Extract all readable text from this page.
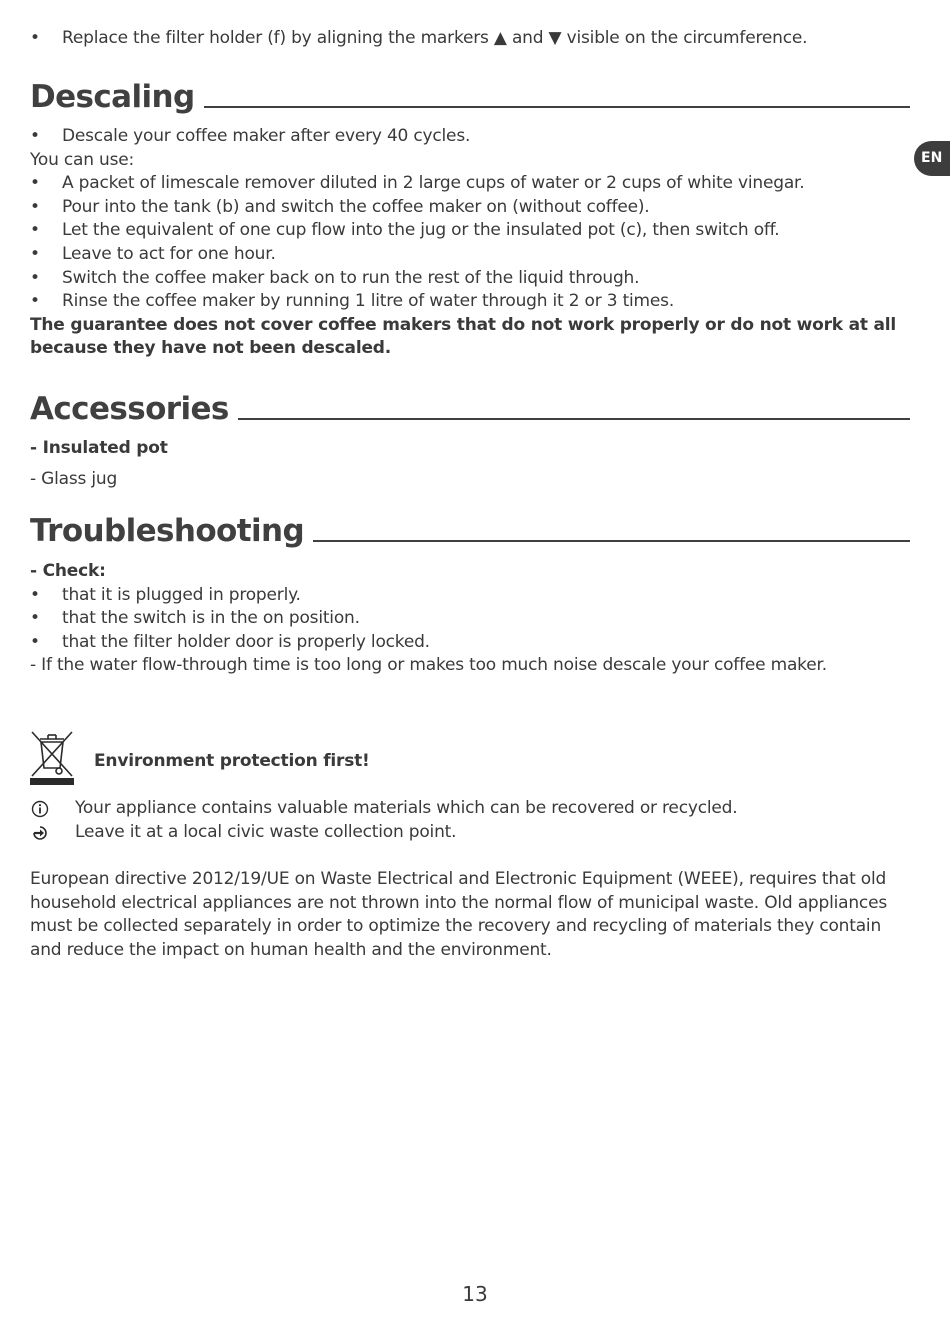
EN
• Replace the filter holder (f) by aligning the markers ▲ and ▼ visible on the circumference.
Descaling
• Descale your coffee maker after every 40 cycles.
You can use:
• A packet of limescale remover diluted in 2 large cups of water or 2 cups of white vinegar.
• Pour into the tank (b) and switch the coffee maker on (without coffee).
• Let the equivalent of one cup flow into the jug or the insulated pot (c), then switch off.
• Leave to act for one hour.
• Switch the coffee maker back on to run the rest of the liquid through.
• Rinse the coffee maker by running 1 litre of water through it 2 or 3 times.
The guarantee does not cover coffee makers that do not work properly or do not work at all
because they have not been descaled.
Accessories
- Insulated pot
- Glass jug
Troubleshooting
- Check:
• that it is plugged in properly.
• that the switch is in the on position.
• that the filter holder door is properly locked.
- If the water flow-through time is too long or makes too much noise descale your coffee maker.
Environment protection first!
Your appliance contains valuable materials which can be recovered or recycled.
Leave it at a local civic waste collection point.
European directive 2012/19/UE on Waste Electrical and Electronic Equipment (WEEE), requires that old household electrical appliances are not thrown into the normal flow of municipal waste. Old appliances must be collected separately in order to optimize the recovery and recycling of materials they contain and reduce the impact on human health and the environment.
13
